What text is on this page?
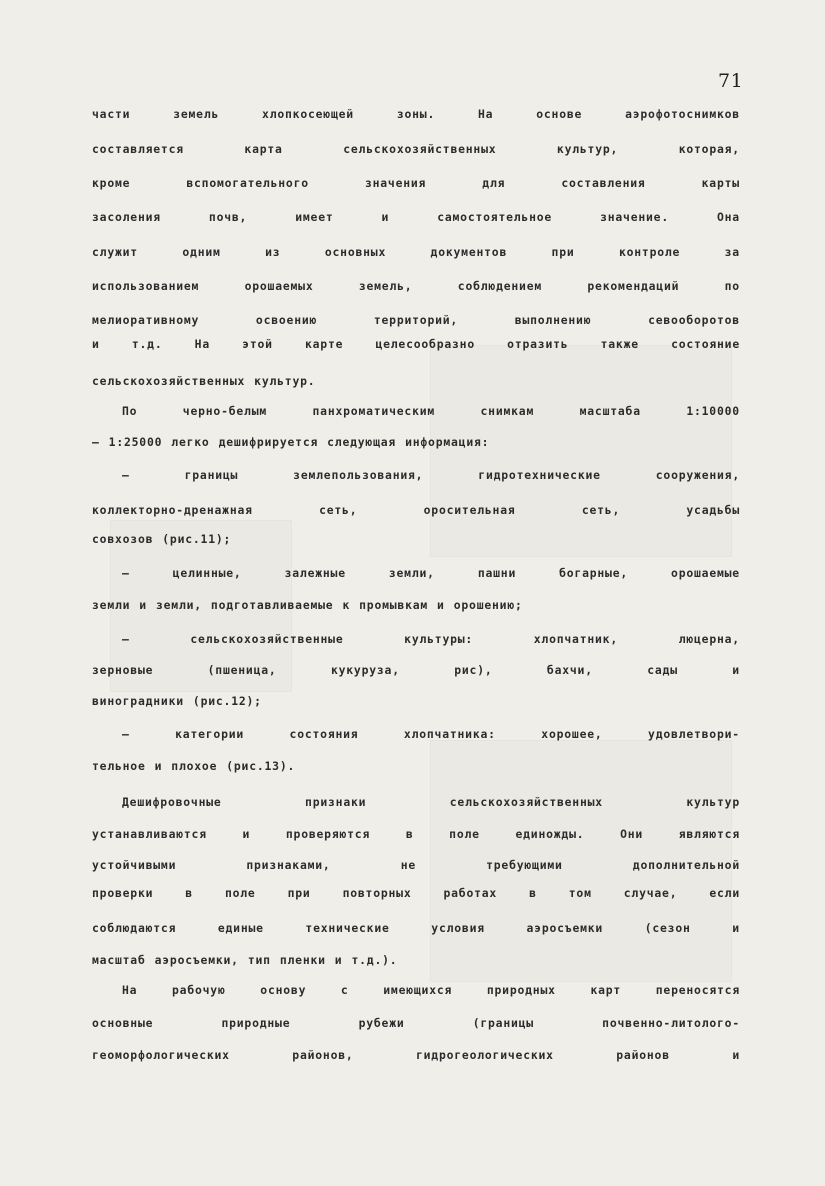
71
части	земель	хлопкосеющей	зоны.	На	основе	аэрофотоснимков
составляется	карта	сельскохозяйственных	культур,	которая,
кроме	вспомогательного	значения	для	составления	карты
засоления	почв,	имеет	и	самостоятельное	значение.	Она
служит	одним	из	основных	документов	при	контроле	за
использованием	орошаемых	земель,	соблюдением	рекомендаций	по
мелиоративному	освоению	территорий,	выполнению	севооборотов
и	т.д.	На	этой	карте	целесообразно	отразить	также	состояние
сельскохозяйственных культур.
По	черно-белым	панхроматическим	снимкам	масштаба	1:10000
– 1:25000 легко дешифрируется следующая информация:
–	границы	землепользования,	гидротехнические	сооружения,
коллекторно-дренажная	сеть,	оросительная	сеть,	усадьбы
совхозов (рис.11);
–	целинные,	залежные	земли,	пашни	богарные,	орошаемые
земли и земли, подготавливаемые к промывкам и орошению;
–	сельскохозяйственные	культуры:	хлопчатник,	люцерна,
зерновые	(пшеница,	кукуруза,	рис),	бахчи,	сады	и
виноградники (рис.12);
–	категории	состояния	хлопчатника:	хорошее,	удовлетвори-
тельное и плохое (рис.13).
Дешифровочные	признаки	сельскохозяйственных	культур
устанавливаются	и	проверяются	в	поле	единожды.	Они	являются
устойчивыми	признаками,	не	требующими	дополнительной
проверки	в	поле	при	повторных	работах	в	том	случае,	если
соблюдаются	единые	технические	условия	аэросъемки	(сезон	и
масштаб аэросъемки, тип пленки и т.д.).
На	рабочую	основу	с	имеющихся	природных	карт	переносятся
основные	природные	рубежи	(границы	почвенно-литолого-
геоморфологических	районов,	гидрогеологических	районов	и
